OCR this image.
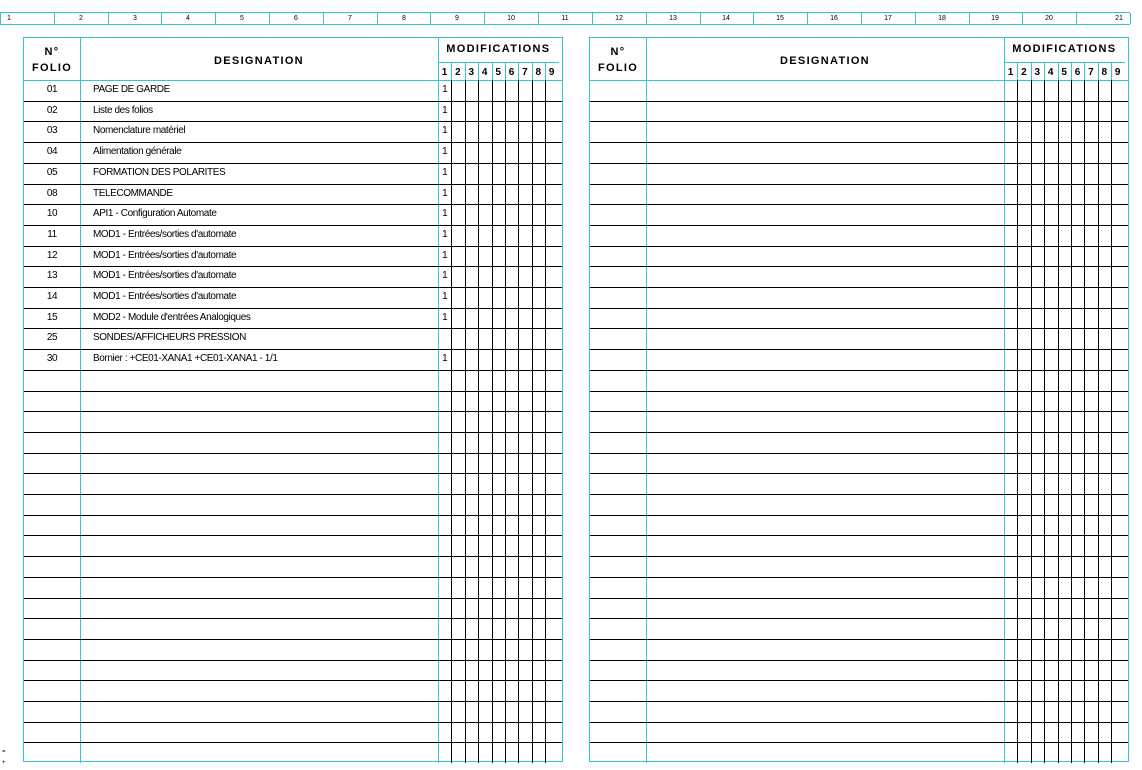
1	2	3	4	5	6	7	8	9	10	11	12	13	14	15	16	17	18	19	20	21
N°
FOLIO
DESIGNATION
MODIFICATIONS
1 2 3 4 5 6 7 8 9
01	PAGE DE GARDE	1
02	Liste des folios	1
03	Nomenclature matériel	1
04	Alimentation générale	1
05	FORMATION DES POLARITES	1
08	TELECOMMANDE	1
10	API1 - Configuration Automate	1
11	MOD1 - Entrées/sorties d'automate	1
12	MOD1 - Entrées/sorties d'automate	1
13	MOD1 - Entrées/sorties d'automate	1
14	MOD1 - Entrées/sorties d'automate	1
15	MOD2 - Module d'entrées Analogiques	1
25	SONDES/AFFICHEURS PRESSION
30	Bornier : +CE01-XANA1 +CE01-XANA1 - 1/1	1
N°
FOLIO
DESIGNATION
MODIFICATIONS
1 2 3 4 5 6 7 8 9
=
+
